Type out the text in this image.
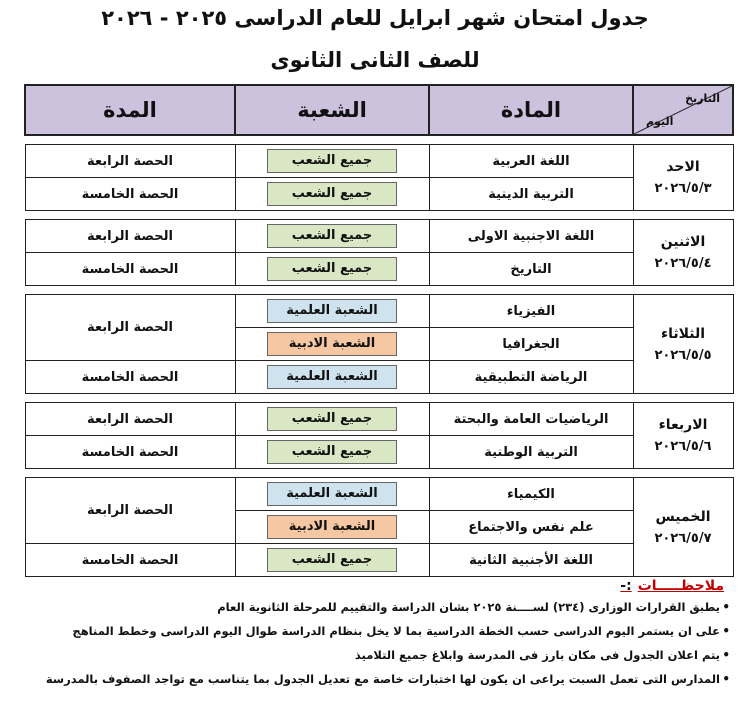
جدول امتحان شهر ابرايل للعام الدراسى ٢٠٢٥ - ٢٠٢٦
للصف الثانى الثانوى
التاريخ
اليوم	المادة	الشعبة	المدة

الاحد
٢٠٢٦/٥/٣	اللغة العربية	جميع الشعب	الحصة الرابعة
	التربية الدينية	جميع الشعب	الحصة الخامسة

الاثنين
٢٠٢٦/٥/٤	اللغة الاجنبية الاولى	جميع الشعب	الحصة الرابعة
	التاريخ	جميع الشعب	الحصة الخامسة

الثلاثاء
٢٠٢٦/٥/٥	الفيزياء	الشعبة العلمية	الحصة الرابعة
	الجغرافيا	الشعبة الادبية	
	الرياضة التطبيقية	الشعبة العلمية	الحصة الخامسة

الاربعاء
٢٠٢٦/٥/٦	الرياضيات العامة والبحتة	جميع الشعب	الحصة الرابعة
	التربية الوطنية	جميع الشعب	الحصة الخامسة

الخميس
٢٠٢٦/٥/٧	الكيمياء	الشعبة العلمية	الحصة الرابعة
	علم نفس والاجتماع	الشعبة الادبية	
	اللغة الأجنبية الثانية	جميع الشعب	الحصة الخامسة
ملاحظـــــات:-
•يطبق القرارات الوزارى (٢٣٤) لســــنة ٢٠٢٥ بشان الدراسة والتقييم للمرحلة الثانوية العام
•على ان يستمر اليوم الدراسى حسب الخطة الدراسية بما لا يخل بنظام الدراسة طوال اليوم الدراسى وخطط المناهج
•يتم اعلان الجدول فى مكان بارز فى المدرسة وابلاغ جميع التلاميذ
•المدارس التى تعمل السبت يراعى ان يكون لها اختبارات خاصة مع تعديل الجدول بما يتناسب مع تواجد الصفوف بالمدرسة
